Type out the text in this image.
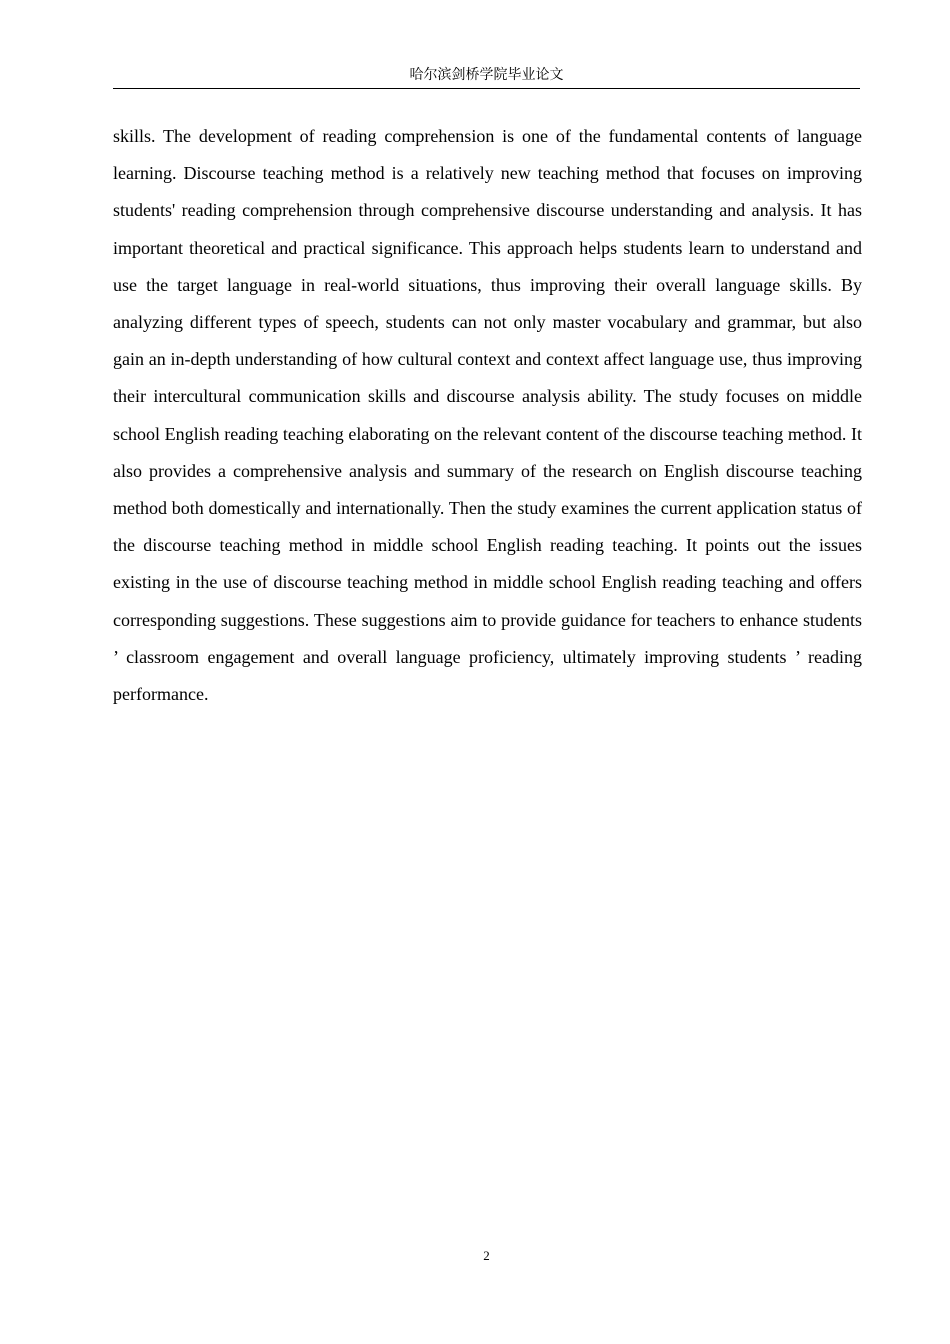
哈尔滨剑桥学院毕业论文

skills. The development of reading comprehension is one of the fundamental contents of language learning. Discourse teaching method is a relatively new teaching method that focuses on improving students' reading comprehension through comprehensive discourse understanding and analysis. It has important theoretical and practical significance. This approach helps students learn to understand and use the target language in real-world situations, thus improving their overall language skills. By analyzing different types of speech, students can not only master vocabulary and grammar, but also gain an in-depth understanding of how cultural context and context affect language use, thus improving their intercultural communication skills and discourse analysis ability. The study focuses on middle school English reading teaching elaborating on the relevant content of the discourse teaching method. It also provides a comprehensive analysis and summary of the research on English discourse teaching method both domestically and internationally. Then the study examines the current application status of the discourse teaching method in middle school English reading teaching. It points out the issues existing in the use of discourse teaching method in middle school English reading teaching and offers corresponding suggestions. These suggestions aim to provide guidance for teachers to enhance students ’ classroom engagement and overall language proficiency, ultimately improving students ’ reading performance.

2
